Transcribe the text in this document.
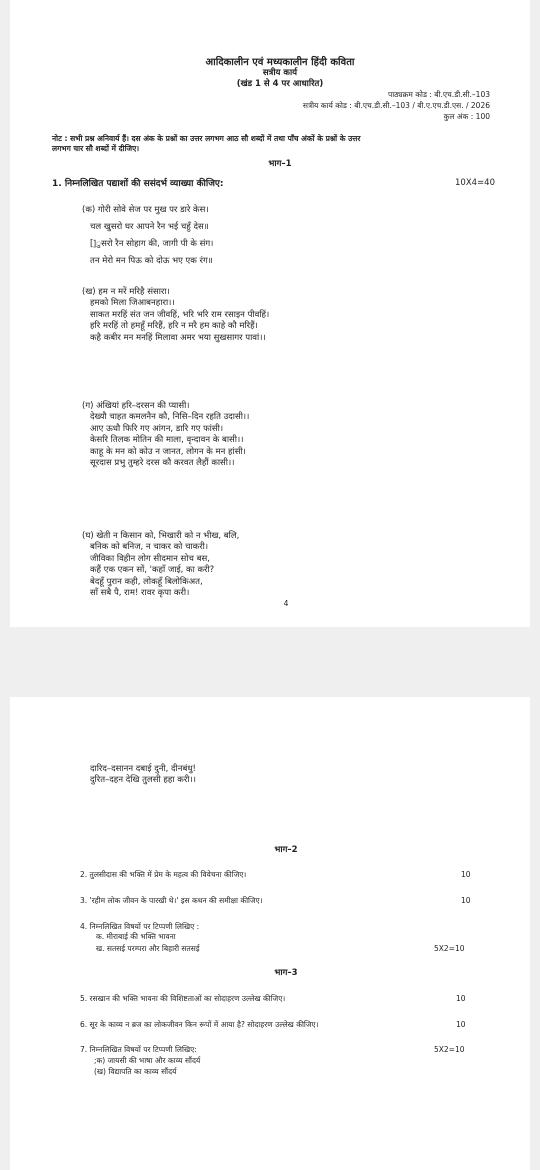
आदिकालीन एवं मध्यकालीन हिंदी कविता
सत्रीय कार्य
(खंड 1 से 4 पर आधारित)
पाठ्यक्रम कोड : बी.एच.डी.सी.–103
सत्रीय कार्य कोड : बी.एच.डी.सी.–103 / बी.ए.एच.डी.एस. / 2026
कुल अंक : 100
नोट : सभी प्रश्न अनिवार्य हैं। दस अंक के प्रश्नों का उत्तर लगभग आठ सौ शब्दों में तथा पाँच अंकों के प्रश्नों के उत्तर
लगभग चार सौ शब्दों में दीजिए।
भाग–1
1. निम्नलिखित पद्याशों की ससंदर्भ व्याख्या कीजिए:	10X4=40
(क) गोरी सोवे सेज पर मुख पर डारे केस।
चल खुसरो घर आपने रैन भई चहुँ देस॥
[]ुसरो रैन सोहाग की, जागी पी के संग।
तन मेरो मन पिऊ को दोऊ भए एक रंग॥
(ख) हम न मरें मरिहै संसारा।
हमको मिला जिआबनहारा।।
साकत मरहिं संत जन जीवहिं, भरि भरि राम रसाइन पीवहिं।
हरि मरहिं तो हमहूँ मरिहैं, हरि न मरै हम काहे कौ मरिहैं।
कहै कबीर मन मनहिं मिलावा अमर भया सुखसागर पावां।।
(ग) अंखियां हरि–दरसन की प्यासी।
देख्यौ चाहत कमलनैन कौ, निसि–दिन रहति उदासी।।
आए ऊधौ फिरि गए आंगन, डारि गए फांसी।
केसरि तिलक मोतिन की माला, वृन्दावन के बासी।।
काहू के मन को कोउ न जानत, लोगन के मन हांसी।
सूरदास प्रभु तुम्हरे दरस कौ करवत लैहौं कासी।।
(घ) खेती न किसान को, भिखारी को न भीख, बलि,
बनिक को बनिज, न चाकर को चाकरी।
जीविका विहीन लोग सीदमान सोच बस,
कहैं एक एकन सों, 'कहाँ जाई, का करी?
बेदहूँ पुरान कही, लोकहूँ बिलोकिअत,
साँ सबै पै, राम! रावर कृपा करी।
4
दारिद–दसानन दबाई दुनी, दीनबंधु!
दुरित–दहन देखि तुलसी हहा करी।।
भाग–2
2. तुलसीदास की भक्ति में प्रेम के महत्व की विवेचना कीजिए।	10
3. 'रहीम लोक जीवन के पारखी थे।' इस कथन की समीक्षा कीजिए।	10
4. निम्नलिखित विषयों पर टिप्पणी लिखिए :
क. मीराबाई की भक्ति भावना
ख. सतसई परम्परा और बिहारी सतसई	5X2=10
भाग–3
5. रसखान की भक्ति भावना की विशिष्टताओं का सोदाहरण उल्लेख कीजिए।	10
6. सूर के काव्य न ब्रज का लोकजीवन किन रूपों में आया है? सोदाहरण उल्लेख कीजिए।	10
7. निम्नलिखित विषयों पर टिप्पणी लिखिए:	5X2=10
;क) जायसी की भाषा और काव्य सौंदर्य
(ख) विद्यापति का काव्य सौंदर्य
